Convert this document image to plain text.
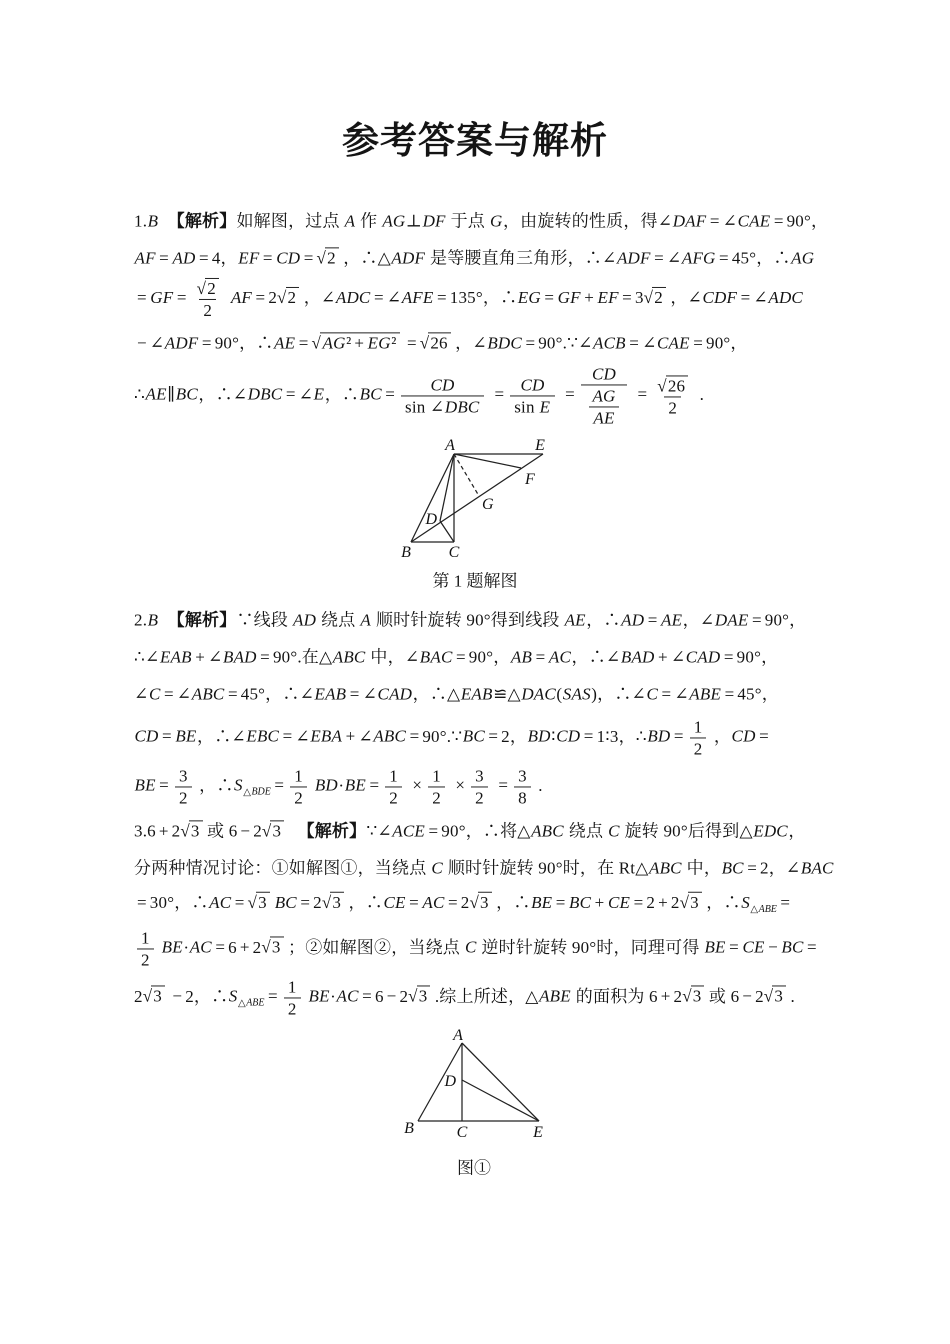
参考答案与解析
1.B 【解析】如解图，过点 A 作 AG⊥DF 于点 G，由旋转的性质，得∠DAF = ∠CAE = 90°，
AF = AD = 4，EF = CD = √ 2 ，∴△ADF 是等腰直角三角形，∴∠ADF = ∠AFG = 45°，∴AG
= GF = $\frac{√ 2}{2}$ AF = 2 √ 2 ，∠ADC = ∠AFE = 135°，∴EG = GF + EF = 3 √ 2 ，∠CDF = ∠ADC
− ∠ADF = 90°，∴AE = √ AG² + EG² = √ 26 ，∠BDC = 90°.∵∠ACB = ∠CAE = 90°，
∴AE∥BC，∴∠DBC = ∠E，∴BC = $\frac{CD}{\text{sin ∠DBC}} = \frac{CD}{\text{sin E}} = \frac{CD}{\frac{AG}{AE}} = \frac{√ 26}{2}$ .
2.B 【解析】∵线段 AD 绕点 A 顺时针旋转 90°得到线段 AE，∴AD = AE，∠DAE = 90°，
∴∠EAB + ∠BAD = 90°.在△ABC 中，∠BAC = 90°，AB = AC，∴∠BAD + ∠CAD = 90°，
∠C = ∠ABC = 45°，∴∠EAB = ∠CAD，∴△EAB≌△DAC(SAS)，∴∠C = ∠ABE = 45°，
CD = BE，∴∠EBC = ∠EBA + ∠ABC = 90°.∵BC = 2，BD∶CD = 1∶3，∴BD = $\frac{1}{2}$ ，CD =
BE = $\frac{3}{2}$ ，$\therefore S_{\triangle BDE} = \frac{1}{2} BD\cdot BE = \frac{1}{2} \times \frac{1}{2} \times \frac{3}{2} = \frac{3}{8}$ .
3.6 + 2 √ 3 或 6 − 2 √ 3 【解析】∵∠ACE = 90°，∴将△ABC 绕点 C 旋转 90°后得到△EDC，
分两种情况讨论：①如解图①，当绕点 C 顺时针旋转 90°时，在 Rt△ABC 中，BC = 2，∠BAC
= 30°，∴AC = √ 3 BC = 2 √ 3 ，∴CE = AC = 2 √ 3 ，∴BE = BC + CE = 2 + 2 √ 3 ，$\therefore S_{\triangle ABE}$ =
$\frac{1}{2} BE\cdot AC = 6 + 2$ √ 3 ；②如解图②，当绕点 C 逆时针旋转 90°时，同理可得 BE = CE − BC =
2 √ 3 − 2，$\therefore S_{\triangle ABE} = \frac{1}{2} BE\cdot AC = 6 - 2$ √ 3 .综上所述，△ABE 的面积为 6 + 2 √ 3 或 6 − 2 √ 3 .
A	E
F
G
D
B C
第 1 题解图
A
D
B	C	E
图①
